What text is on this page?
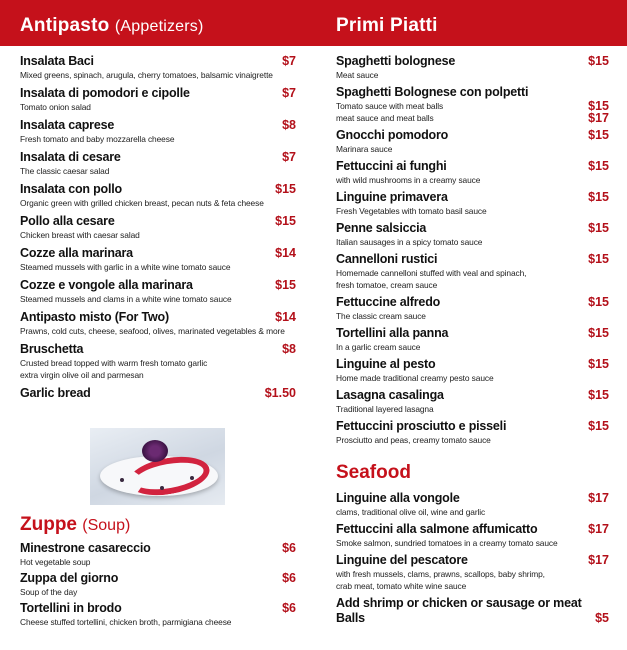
Antipasto (Appetizers)	Primi Piatti
Insalata Baci	$7
Mixed greens, spinach, arugula, cherry tomatoes, balsamic vinaigrette
Insalata di pomodori e cipolle	$7
Tomato onion salad
Insalata caprese	$8
Fresh tomato and baby mozzarella cheese
Insalata di cesare	$7
The classic caesar salad
Insalata con pollo	$15
Organic green with grilled chicken breast, pecan nuts & feta cheese
Pollo alla cesare	$15
Chicken breast with caesar salad
Cozze alla marinara	$14
Steamed mussels with garlic in a white wine tomato sauce
Cozze e vongole alla marinara	$15
Steamed mussels and clams in a white wine tomato sauce
Antipasto misto (For Two)	$14
Prawns, cold cuts, cheese, seafood, olives, marinated vegetables & more
Bruschetta	$8
Crusted bread topped with warm fresh tomato garlic
extra virgin olive oil and parmesan
Garlic bread	$1.50
Zuppe (Soup)
Minestrone casareccio	$6
Hot vegetable soup
Zuppa del giorno	$6
Soup of the day
Tortellini in brodo	$6
Cheese stuffed tortellini, chicken broth, parmigiana cheese
Spaghetti bolognese	$15
Meat sauce
Spaghetti Bolognese con polpetti
Tomato sauce with meat balls	$15
meat sauce and meat balls	$17
Gnocchi pomodoro	$15
Marinara sauce
Fettuccini ai funghi	$15
with wild mushrooms in a creamy sauce
Linguine primavera	$15
Fresh Vegetables with tomato basil sauce
Penne salsiccia	$15
Italian sausages in a spicy tomato sauce
Cannelloni rustici	$15
Homemade cannelloni stuffed with veal and spinach,
fresh tomatoe, cream sauce
Fettuccine alfredo	$15
The classic cream sauce
Tortellini alla panna	$15
In a garlic cream sauce
Linguine al pesto	$15
Home made traditional creamy pesto sauce
Lasagna casalinga	$15
Traditional layered lasagna
Fettuccini prosciutto e pisseli	$15
Prosciutto and peas, creamy tomato sauce
Seafood
Linguine alla vongole	$17
clams, traditional olive oil, wine and garlic
Fettuccini alla salmone affumicatto	$17
Smoke salmon, sundried tomatoes in a creamy tomato sauce
Linguine del pescatore	$17
with fresh mussels, clams, prawns, scallops, baby shrimp,
crab meat, tomato white wine sauce
Add shrimp or chicken or sausage or meat Balls	$5
